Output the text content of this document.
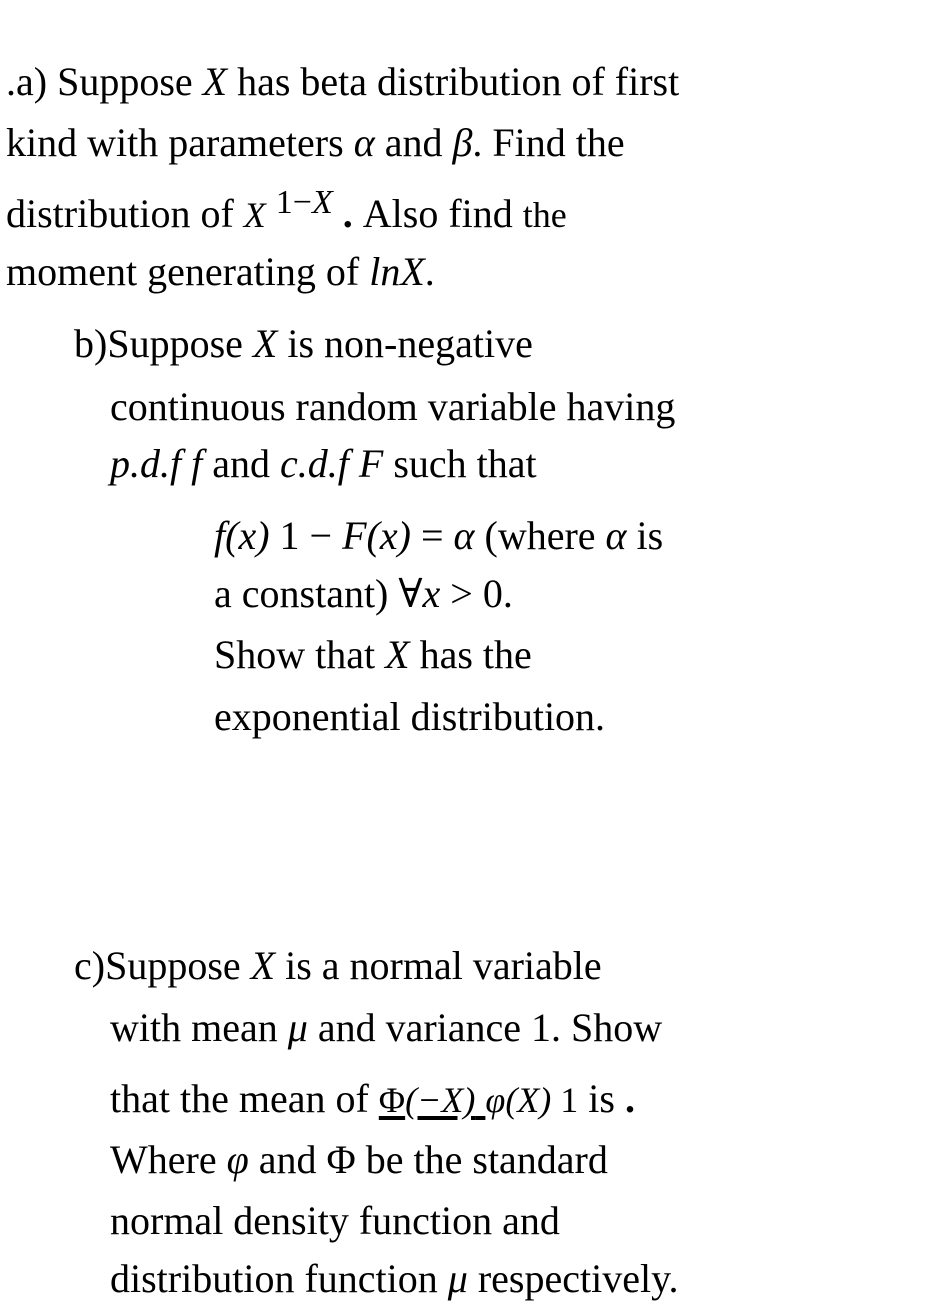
.a) Suppose X has beta distribution of first
kind with parameters α and β. Find the
distribution of X $^{1-X}$ . Also find the
moment generating of lnX.
b)Suppose X is non-negative
continuous random variable having
p.d.f f and c.d.f F such that
f(x) 1 − F(x) = α (where α is
a constant) ∀x > 0.
Show that X has the
exponential distribution.
c)Suppose X is a normal variable
with mean μ and variance 1. Show
that the mean of Φ(−X) φ(X) 1 is .
Where φ and Φ be the standard
normal density function and
distribution function μ respectively.
